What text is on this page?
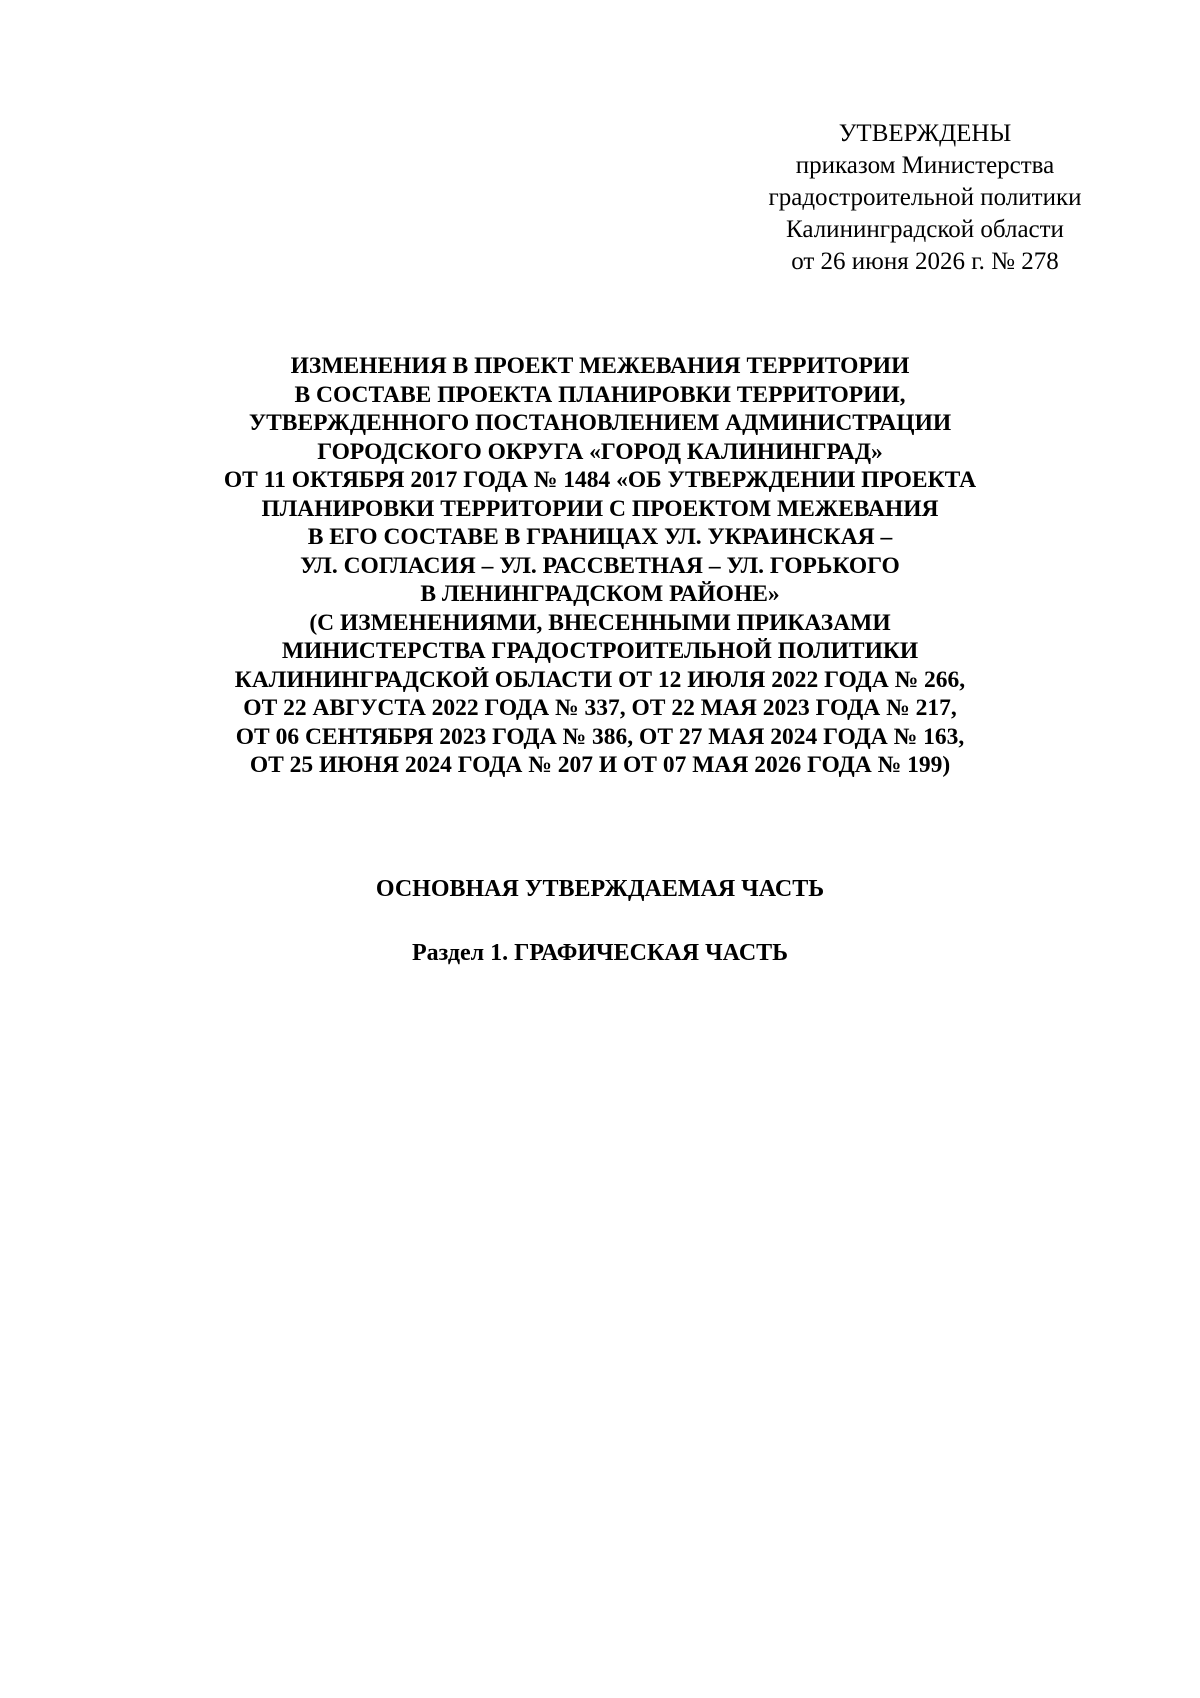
УТВЕРЖДЕНЫ
приказом Министерства
градостроительной политики
Калининградской области
от 26 июня 2026 г. № 278
ИЗМЕНЕНИЯ В ПРОЕКТ МЕЖЕВАНИЯ ТЕРРИТОРИИ
В СОСТАВЕ ПРОЕКТА ПЛАНИРОВКИ ТЕРРИТОРИИ,
УТВЕРЖДЕННОГО ПОСТАНОВЛЕНИЕМ АДМИНИСТРАЦИИ
ГОРОДСКОГО ОКРУГА «ГОРОД КАЛИНИНГРАД»
ОТ 11 ОКТЯБРЯ 2017 ГОДА № 1484 «ОБ УТВЕРЖДЕНИИ ПРОЕКТА
ПЛАНИРОВКИ ТЕРРИТОРИИ С ПРОЕКТОМ МЕЖЕВАНИЯ
В ЕГО СОСТАВЕ В ГРАНИЦАХ УЛ. УКРАИНСКАЯ –
УЛ. СОГЛАСИЯ – УЛ. РАССВЕТНАЯ – УЛ. ГОРЬКОГО
В ЛЕНИНГРАДСКОМ РАЙОНЕ»
(С ИЗМЕНЕНИЯМИ, ВНЕСЕННЫМИ ПРИКАЗАМИ
МИНИСТЕРСТВА ГРАДОСТРОИТЕЛЬНОЙ ПОЛИТИКИ
КАЛИНИНГРАДСКОЙ ОБЛАСТИ ОТ 12 ИЮЛЯ 2022 ГОДА № 266,
ОТ 22 АВГУСТА 2022 ГОДА № 337, ОТ 22 МАЯ 2023 ГОДА № 217,
ОТ 06 СЕНТЯБРЯ 2023 ГОДА № 386, ОТ 27 МАЯ 2024 ГОДА № 163,
ОТ 25 ИЮНЯ 2024 ГОДА № 207 И ОТ 07 МАЯ 2026 ГОДА № 199)
ОСНОВНАЯ УТВЕРЖДАЕМАЯ ЧАСТЬ
Раздел 1. ГРАФИЧЕСКАЯ ЧАСТЬ
